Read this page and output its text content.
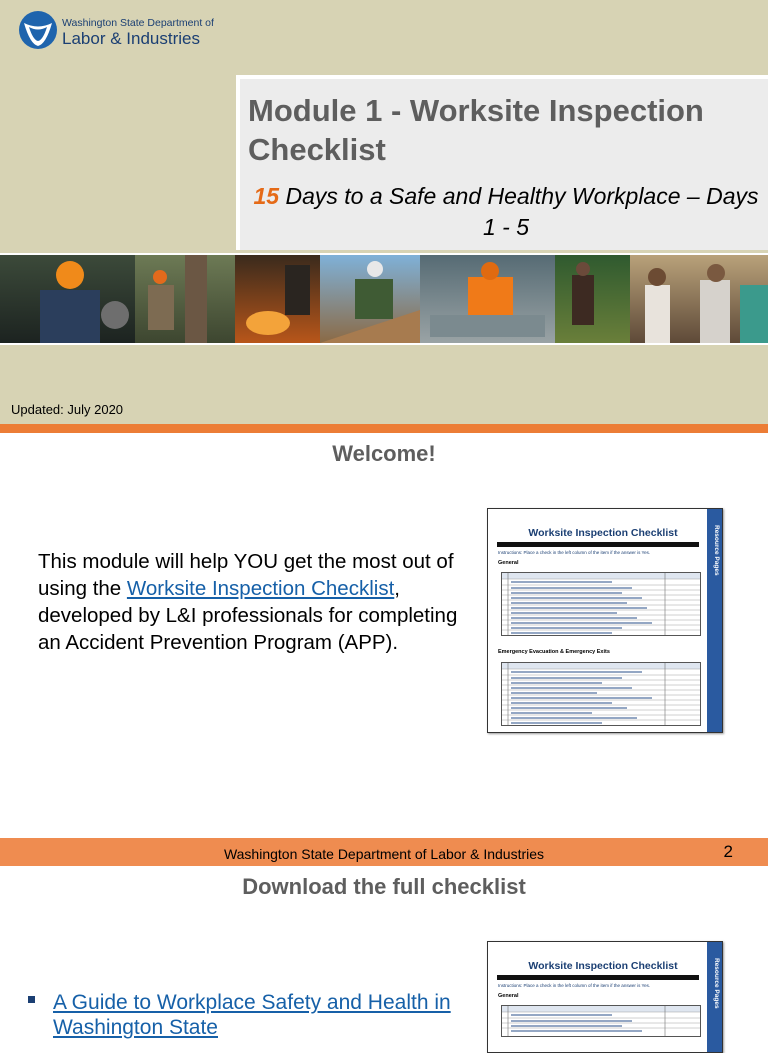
Washington State Department of
Labor & Industries
Module 1 - Worksite Inspection Checklist
15 Days to a Safe and Healthy Workplace – Days 1 - 5
Updated: July 2020
Welcome!
This module will help YOU get the most out of using the Worksite Inspection Checklist, developed by L&I professionals for completing an Accident Prevention Program (APP).
Worksite Inspection Checklist	Resource Pages
Instructions: Place a check in the left column of the item if the answer is Yes.
General
Emergency Evacuation & Emergency Exits
Washington State Department of Labor & Industries	2
Download the full checklist
A Guide to Workplace Safety and Health in Washington State
Worksite Inspection Checklist	Resource Pages
Instructions: Place a check in the left column of the item if the answer is Yes.
General
